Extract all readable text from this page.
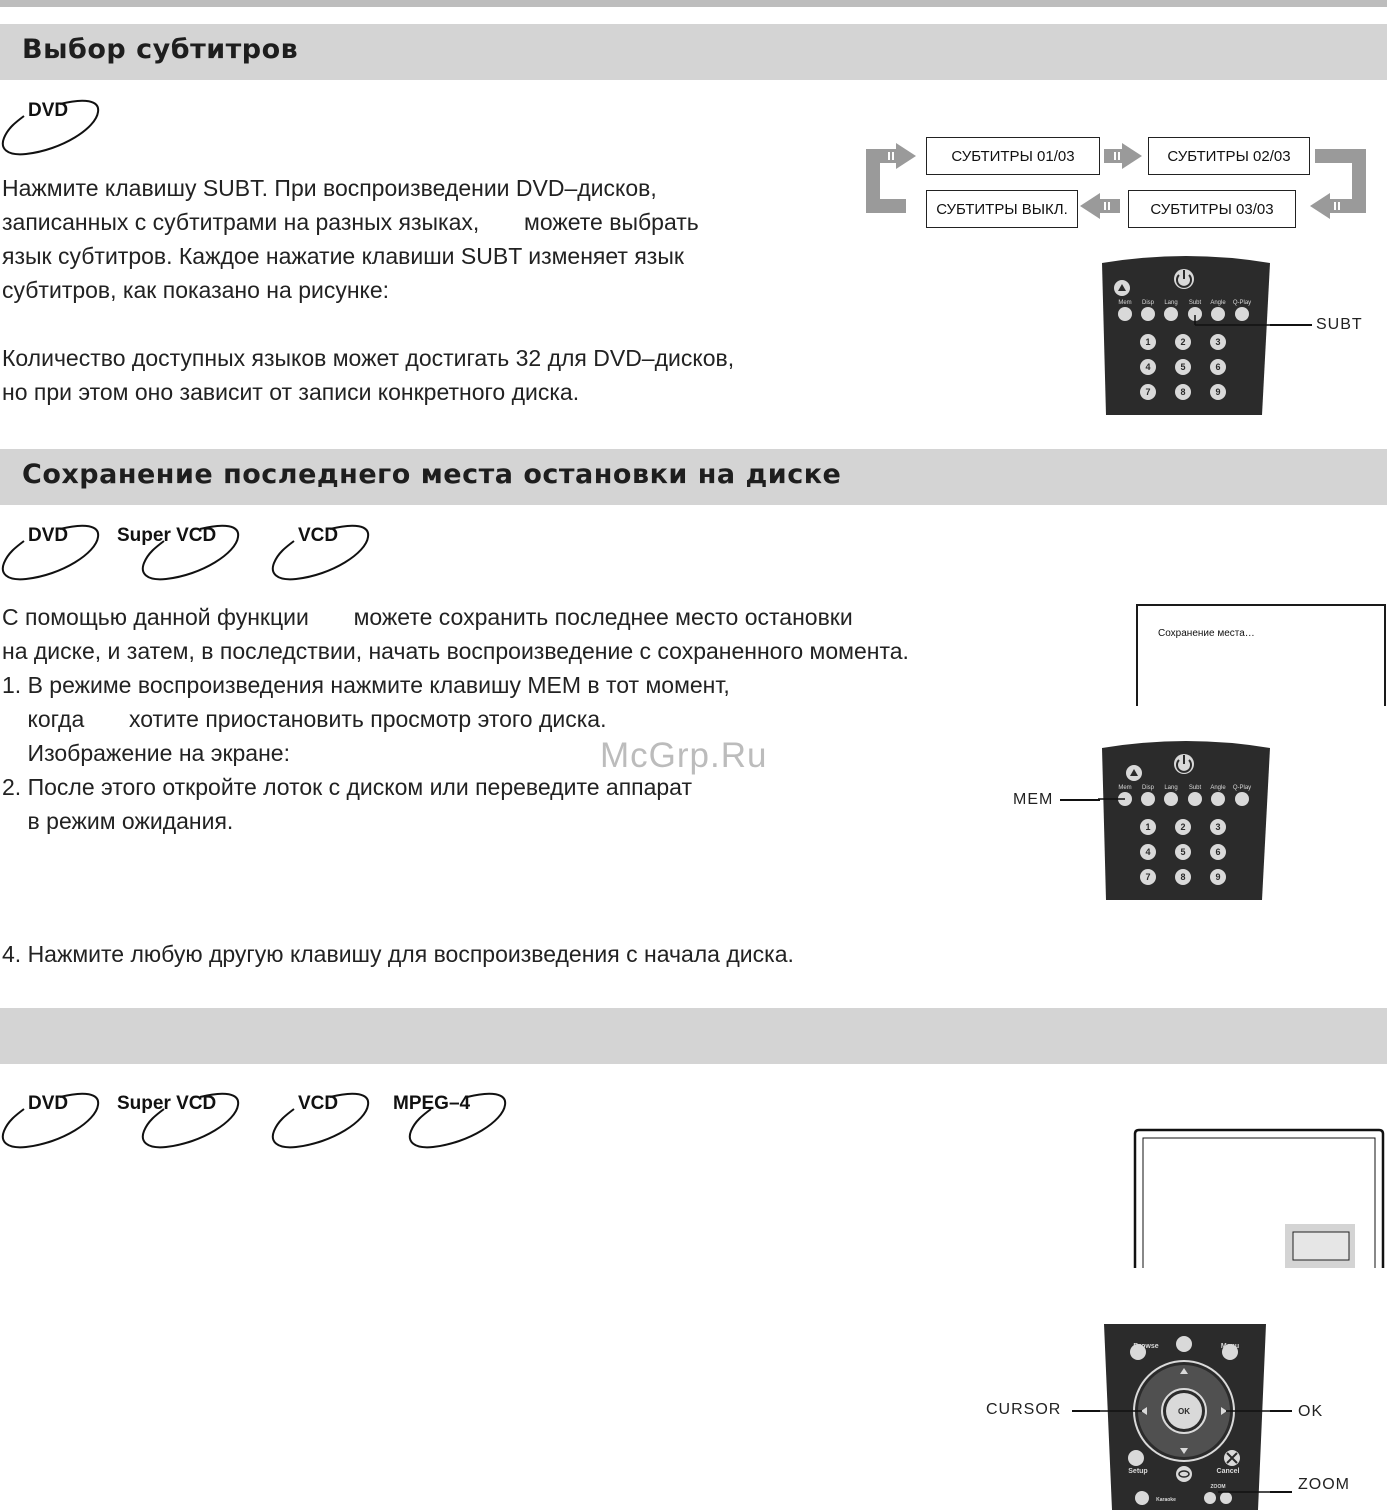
Выбор субтитров
DVD
Нажмите клавишу SUBT. При воспроизведении DVD–дисков,
записанных с субтитрами на разных языках,       можете выбрать
язык субтитров. Каждое нажатие клавиши SUBT изменяет язык
субтитров, как показано на рисунке:
Количество доступных языков может достигать 32 для DVD–дисков,
но при этом оно зависит от записи конкретного диска.
СУБТИТРЫ 01/03	СУБТИТРЫ 02/03
СУБТИТРЫ ВЫКЛ.	СУБТИТРЫ 03/03
Mem Disp Lang Subt Angle Q-Play
1	2	3
4	5	6
7	8	9
SUBT
Сохранение последнего места остановки на диске
DVD	Super VCD	VCD
С помощью данной функции       можете сохранить последнее место остановки
на диске, и затем, в последствии, начать воспроизведение с сохраненного момента.
1. В режиме воспроизведения нажмите клавишу MEM в тот момент,
когда       хотите приостановить просмотр этого диска.
Изображение на экране:
2. После этого откройте лоток с диском или переведите аппарат
в режим ожидания.
4. Нажмите любую другую клавишу для воспроизведения с начала диска.
Сохранение места…
McGrp.Ru
Mem Disp Lang Subt Angle Q-Play
1	2	3
4	5	6
7	8	9
MEM
DVD	Super VCD	VCD	MPEG–4
Browse	Menu
Setup	Cancel
ZOOM
Karaoke
OK
CURSOR	OK
ZOOM
